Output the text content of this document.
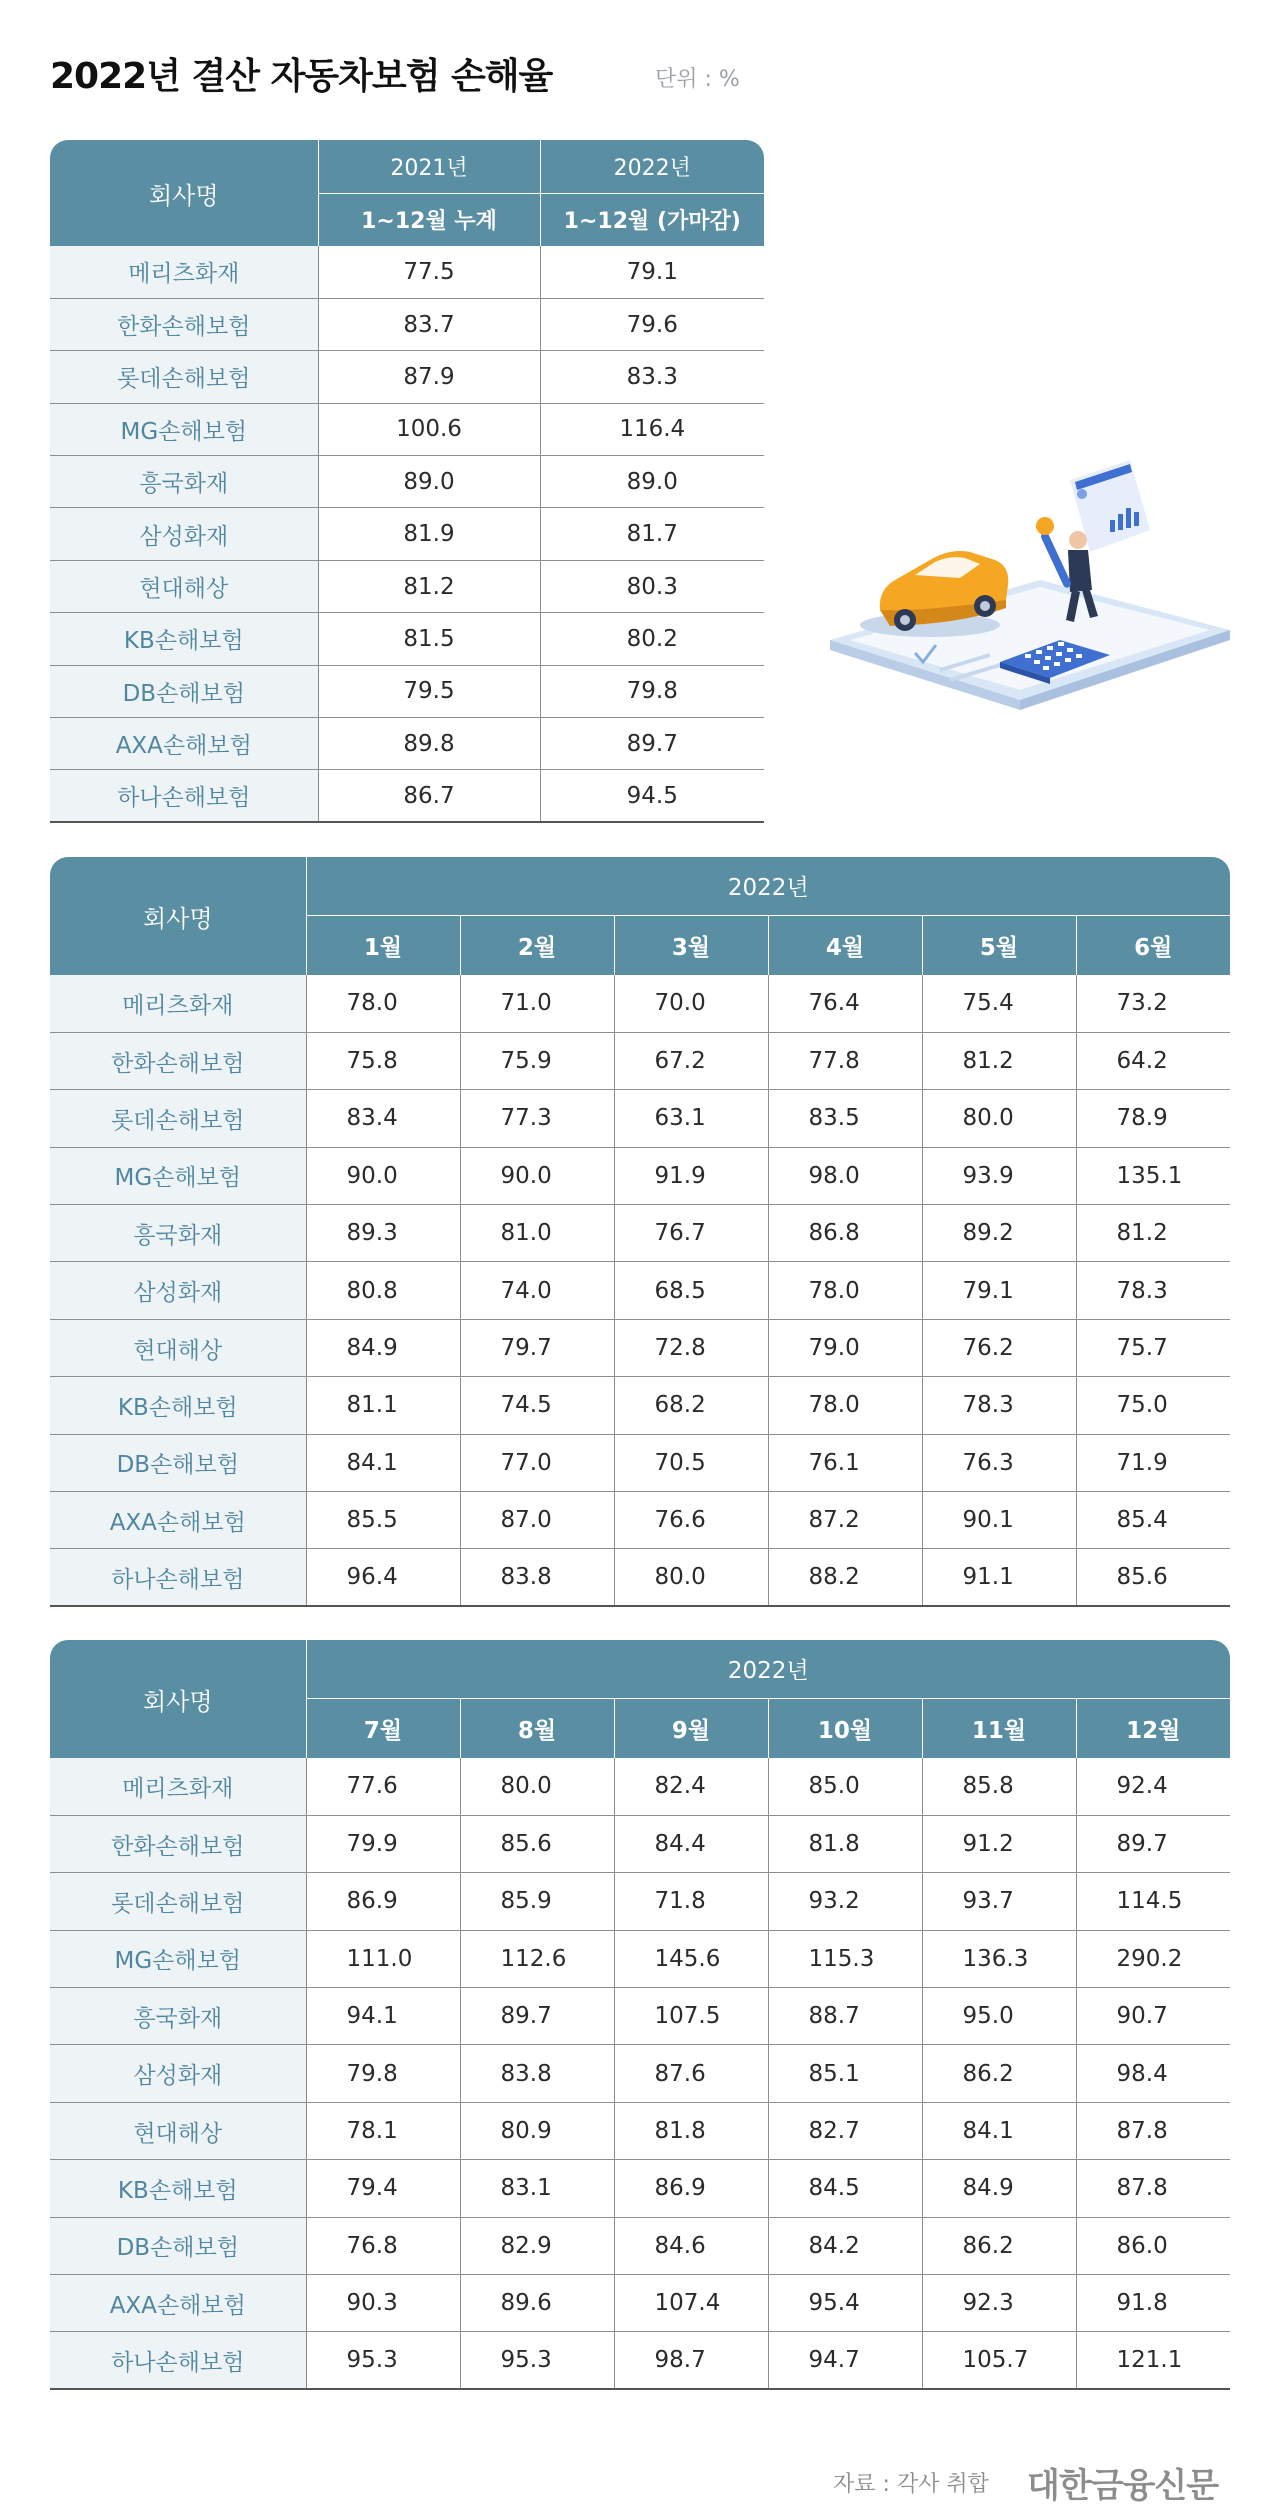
2022년 결산 자동차보험 손해율	단위 : %
회사명	2021년	2022년
	1~12월 누계	1~12월 (가마감)
메리츠화재	77.5	79.1
한화손해보험	83.7	79.6
롯데손해보험	87.9	83.3
MG손해보험	100.6	116.4
흥국화재	89.0	89.0
삼성화재	81.9	81.7
현대해상	81.2	80.3
KB손해보험	81.5	80.2
DB손해보험	79.5	79.8
AXA손해보험	89.8	89.7
하나손해보험	86.7	94.5
회사명	2022년					
	1월	2월	3월	4월	5월	6월
메리츠화재	78.0	71.0	70.0	76.4	75.4	73.2
한화손해보험	75.8	75.9	67.2	77.8	81.2	64.2
롯데손해보험	83.4	77.3	63.1	83.5	80.0	78.9
MG손해보험	90.0	90.0	91.9	98.0	93.9	135.1
흥국화재	89.3	81.0	76.7	86.8	89.2	81.2
삼성화재	80.8	74.0	68.5	78.0	79.1	78.3
현대해상	84.9	79.7	72.8	79.0	76.2	75.7
KB손해보험	81.1	74.5	68.2	78.0	78.3	75.0
DB손해보험	84.1	77.0	70.5	76.1	76.3	71.9
AXA손해보험	85.5	87.0	76.6	87.2	90.1	85.4
하나손해보험	96.4	83.8	80.0	88.2	91.1	85.6
회사명	2022년					
	7월	8월	9월	10월	11월	12월
메리츠화재	77.6	80.0	82.4	85.0	85.8	92.4
한화손해보험	79.9	85.6	84.4	81.8	91.2	89.7
롯데손해보험	86.9	85.9	71.8	93.2	93.7	114.5
MG손해보험	111.0	112.6	145.6	115.3	136.3	290.2
흥국화재	94.1	89.7	107.5	88.7	95.0	90.7
삼성화재	79.8	83.8	87.6	85.1	86.2	98.4
현대해상	78.1	80.9	81.8	82.7	84.1	87.8
KB손해보험	79.4	83.1	86.9	84.5	84.9	87.8
DB손해보험	76.8	82.9	84.6	84.2	86.2	86.0
AXA손해보험	90.3	89.6	107.4	95.4	92.3	91.8
하나손해보험	95.3	95.3	98.7	94.7	105.7	121.1
자료 : 각사 취합 대한금융신문
